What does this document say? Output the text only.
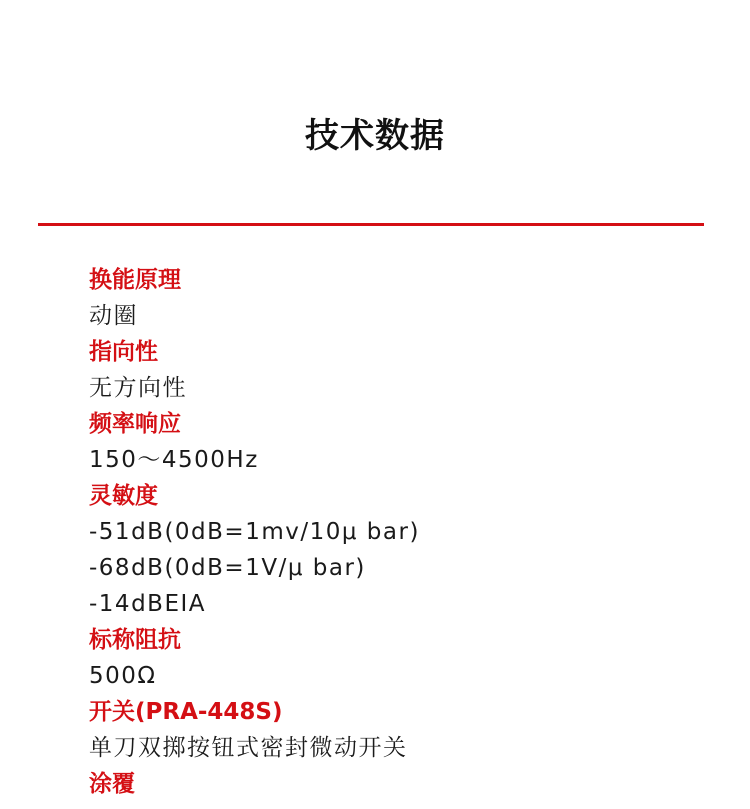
技术数据
换能原理
动圈
指向性
无方向性
频率响应
150～4500Hz
灵敏度
-51dB(0dB=1mv/10μ bar)
-68dB(0dB=1V/μ bar)
-14dBEIA
标称阻抗
500Ω
开关(PRA-448S)
单刀双掷按钮式密封微动开关
涂覆
